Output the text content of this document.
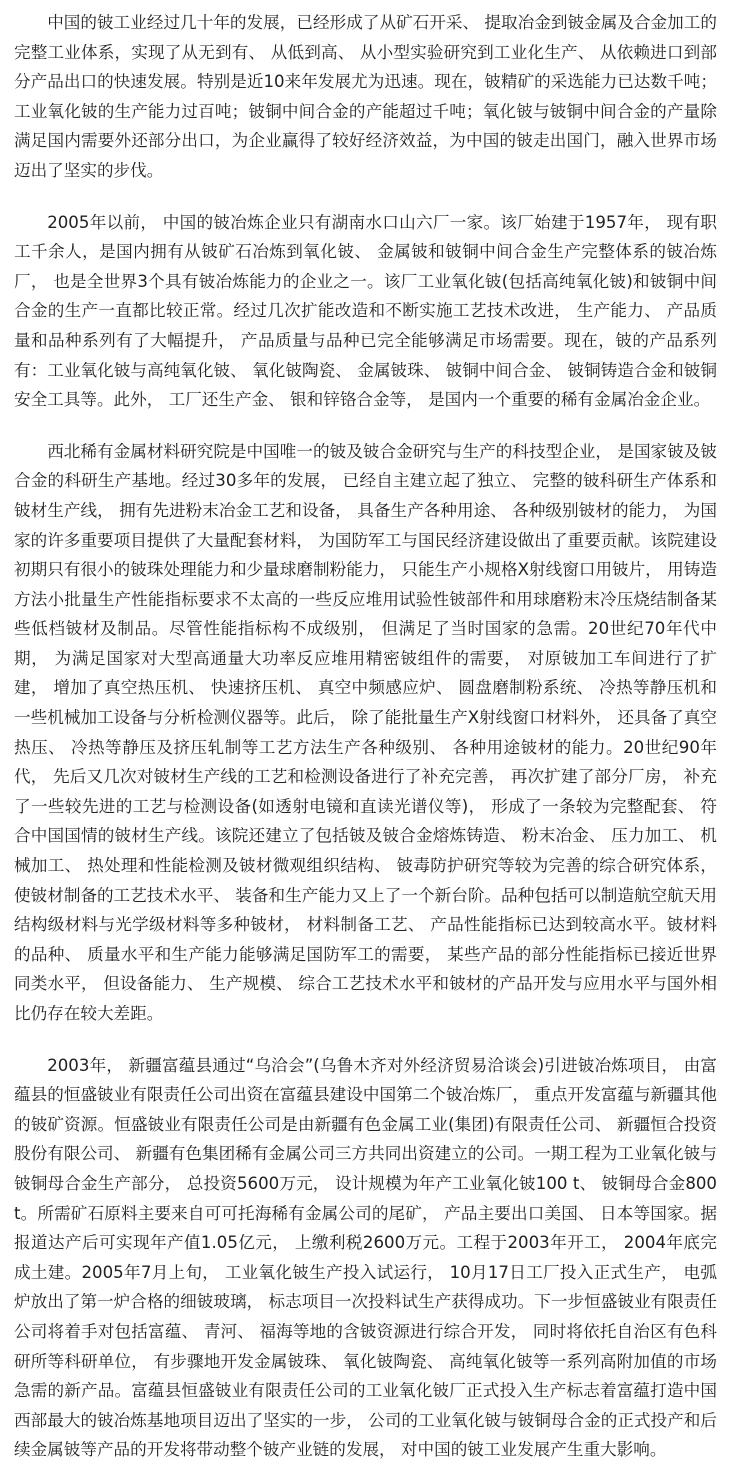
中国的铍工业经过几十年的发展，已经形成了从矿石开采、 提取冶金到铍金属及合金加工的完整工业体系，实现了从无到有、 从低到高、 从小型实验研究到工业化生产、 从依赖进口到部分产品出口的快速发展。特别是近10来年发展尤为迅速。现在，铍精矿的采选能力已达数千吨；工业氧化铍的生产能力过百吨；铍铜中间合金的产能超过千吨；氧化铍与铍铜中间合金的产量除满足国内需要外还部分出口，为企业赢得了较好经济效益，为中国的铍走出国门，融入世界市场迈出了坚实的步伐。

2005年以前， 中国的铍冶炼企业只有湖南水口山六厂一家。该厂始建于1957年， 现有职工千余人，是国内拥有从铍矿石冶炼到氧化铍、 金属铍和铍铜中间合金生产完整体系的铍冶炼厂， 也是全世界3个具有铍冶炼能力的企业之一。该厂工业氧化铍(包括高纯氧化铍)和铍铜中间合金的生产一直都比较正常。经过几次扩能改造和不断实施工艺技术改进， 生产能力、 产品质量和品种系列有了大幅提升， 产品质量与品种已完全能够满足市场需要。现在，铍的产品系列有：工业氧化铍与高纯氧化铍、 氧化铍陶瓷、 金属铍珠、 铍铜中间合金、 铍铜铸造合金和铍铜安全工具等。此外， 工厂还生产金、 银和锌铬合金等， 是国内一个重要的稀有金属冶金企业。

西北稀有金属材料研究院是中国唯一的铍及铍合金研究与生产的科技型企业， 是国家铍及铍合金的科研生产基地。经过30多年的发展， 已经自主建立起了独立、 完整的铍科研生产体系和铍材生产线， 拥有先进粉末冶金工艺和设备， 具备生产各种用途、 各种级别铍材的能力， 为国家的许多重要项目提供了大量配套材料， 为国防军工与国民经济建设做出了重要贡献。该院建设初期只有很小的铍珠处理能力和少量球磨制粉能力， 只能生产小规格X射线窗口用铍片， 用铸造方法小批量生产性能指标要求不太高的一些反应堆用试验性铍部件和用球磨粉末冷压烧结制备某些低档铍材及制品。尽管性能指标构不成级别， 但满足了当时国家的急需。20世纪70年代中期， 为满足国家对大型高通量大功率反应堆用精密铍组件的需要， 对原铍加工车间进行了扩建， 增加了真空热压机、 快速挤压机、 真空中频感应炉、 圆盘磨制粉系统、 冷热等静压机和一些机械加工设备与分析检测仪器等。此后， 除了能批量生产X射线窗口材料外， 还具备了真空热压、 冷热等静压及挤压轧制等工艺方法生产各种级别、 各种用途铍材的能力。20世纪90年代， 先后又几次对铍材生产线的工艺和检测设备进行了补充完善， 再次扩建了部分厂房， 补充了一些较先进的工艺与检测设备(如透射电镜和直读光谱仪等)， 形成了一条较为完整配套、 符合中国国情的铍材生产线。该院还建立了包括铍及铍合金熔炼铸造、 粉末冶金、 压力加工、 机械加工、 热处理和性能检测及铍材微观组织结构、 铍毒防护研究等较为完善的综合研究体系， 使铍材制备的工艺技术水平、 装备和生产能力又上了一个新台阶。品种包括可以制造航空航天用结构级材料与光学级材料等多种铍材， 材料制备工艺、 产品性能指标已达到较高水平。铍材料的品种、 质量水平和生产能力能够满足国防军工的需要， 某些产品的部分性能指标已接近世界同类水平， 但设备能力、 生产规模、 综合工艺技术水平和铍材的产品开发与应用水平与国外相比仍存在较大差距。

2003年， 新疆富蕴县通过“乌洽会”(乌鲁木齐对外经济贸易洽谈会)引进铍冶炼项目， 由富蕴县的恒盛铍业有限责任公司出资在富蕴县建设中国第二个铍冶炼厂， 重点开发富蕴与新疆其他的铍矿资源。恒盛铍业有限责任公司是由新疆有色金属工业(集团)有限责任公司、 新疆恒合投资股份有限公司、 新疆有色集团稀有金属公司三方共同出资建立的公司。一期工程为工业氧化铍与铍铜母合金生产部分， 总投资5600万元， 设计规模为年产工业氧化铍100 t、 铍铜母合金800 t。所需矿石原料主要来自可可托海稀有金属公司的尾矿， 产品主要出口美国、 日本等国家。据报道达产后可实现年产值1.05亿元， 上缴利税2600万元。工程于2003年开工， 2004年底完成土建。2005年7月上旬， 工业氧化铍生产投入试运行， 10月17日工厂投入正式生产， 电弧炉放出了第一炉合格的细铍玻璃， 标志项目一次投料试生产获得成功。下一步恒盛铍业有限责任公司将着手对包括富蕴、 青河、 福海等地的含铍资源进行综合开发， 同时将依托自治区有色科研所等科研单位， 有步骤地开发金属铍珠、 氧化铍陶瓷、 高纯氧化铍等一系列高附加值的市场急需的新产品。富蕴县恒盛铍业有限责任公司的工业氧化铍厂正式投入生产标志着富蕴打造中国西部最大的铍冶炼基地项目迈出了坚实的一步， 公司的工业氧化铍与铍铜母合金的正式投产和后续金属铍等产品的开发将带动整个铍产业链的发展， 对中国的铍工业发展产生重大影响。
